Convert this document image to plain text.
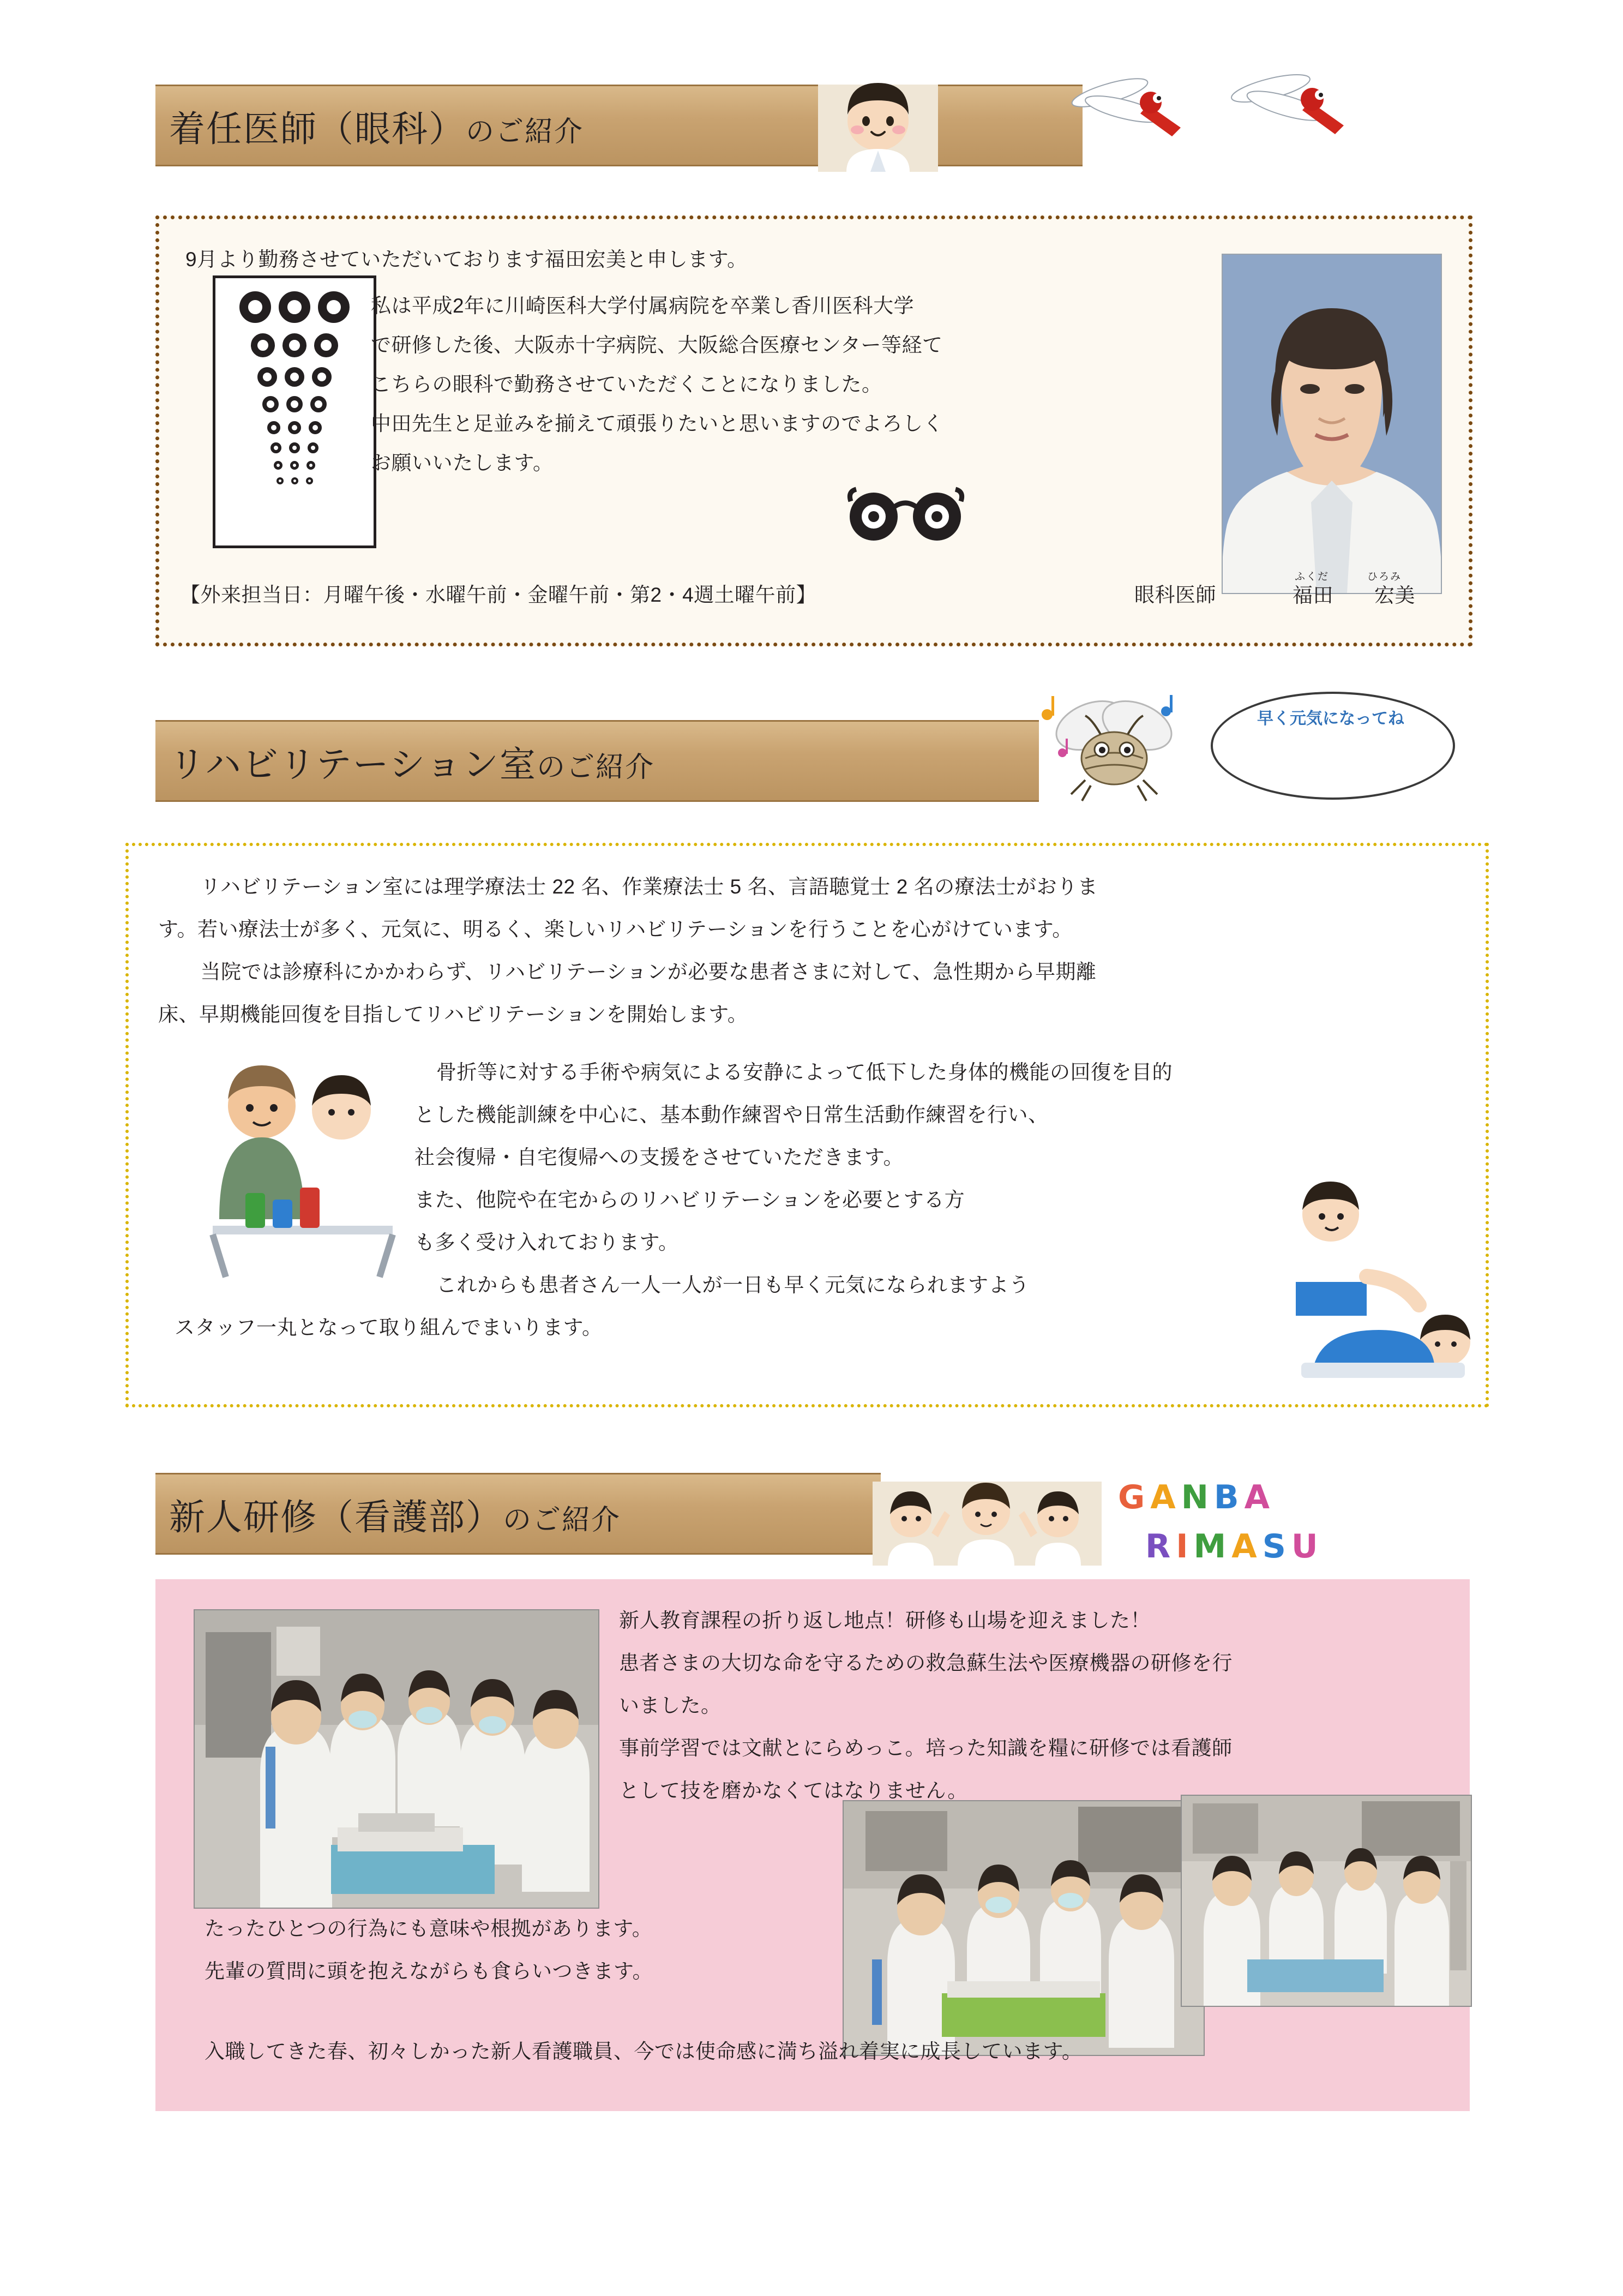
着任医師（眼科）のご紹介
9月より勤務させていただいております福田宏美と申します。
私は平成2年に川崎医科大学付属病院を卒業し香川医科大学
で研修した後、大阪赤十字病院、大阪総合医療センター等経て
こちらの眼科で勤務させていただくことになりました。
中田先生と足並みを揃えて頑張りたいと思いますのでよろしく
お願いいたします。
【外来担当日：月曜午後・水曜午前・金曜午前・第2・4週土曜午前】	眼科医師
ふくだ	ひろみ
福田　　宏美
リハビリテーション室のご紹介
早く元気になってね
　リハビリテーション室には理学療法士 22 名、作業療法士 5 名、言語聴覚士 2 名の療法士がおりま
す。若い療法士が多く、元気に、明るく、楽しいリハビリテーションを行うことを心がけています。
　当院では診療科にかかわらず、リハビリテーションが必要な患者さまに対して、急性期から早期離
床、早期機能回復を目指してリハビリテーションを開始します。
骨折等に対する手術や病気による安静によって低下した身体的機能の回復を目的
とした機能訓練を中心に、基本動作練習や日常生活動作練習を行い、
社会復帰・自宅復帰への支援をさせていただきます。
また、他院や在宅からのリハビリテーションを必要とする方
も多く受け入れております。
これからも患者さん一人一人が一日も早く元気になられますよう
スタッフ一丸となって取り組んでまいります。
新人研修（看護部）のご紹介
GANBA
RIMASU
新人教育課程の折り返し地点！研修も山場を迎えました！
患者さまの大切な命を守るための救急蘇生法や医療機器の研修を行
いました。
事前学習では文献とにらめっこ。培った知識を糧に研修では看護師
として技を磨かなくてはなりません。
たったひとつの行為にも意味や根拠があります。
先輩の質問に頭を抱えながらも食らいつきます。
入職してきた春、初々しかった新人看護職員、今では使命感に満ち溢れ着実に成長しています。
